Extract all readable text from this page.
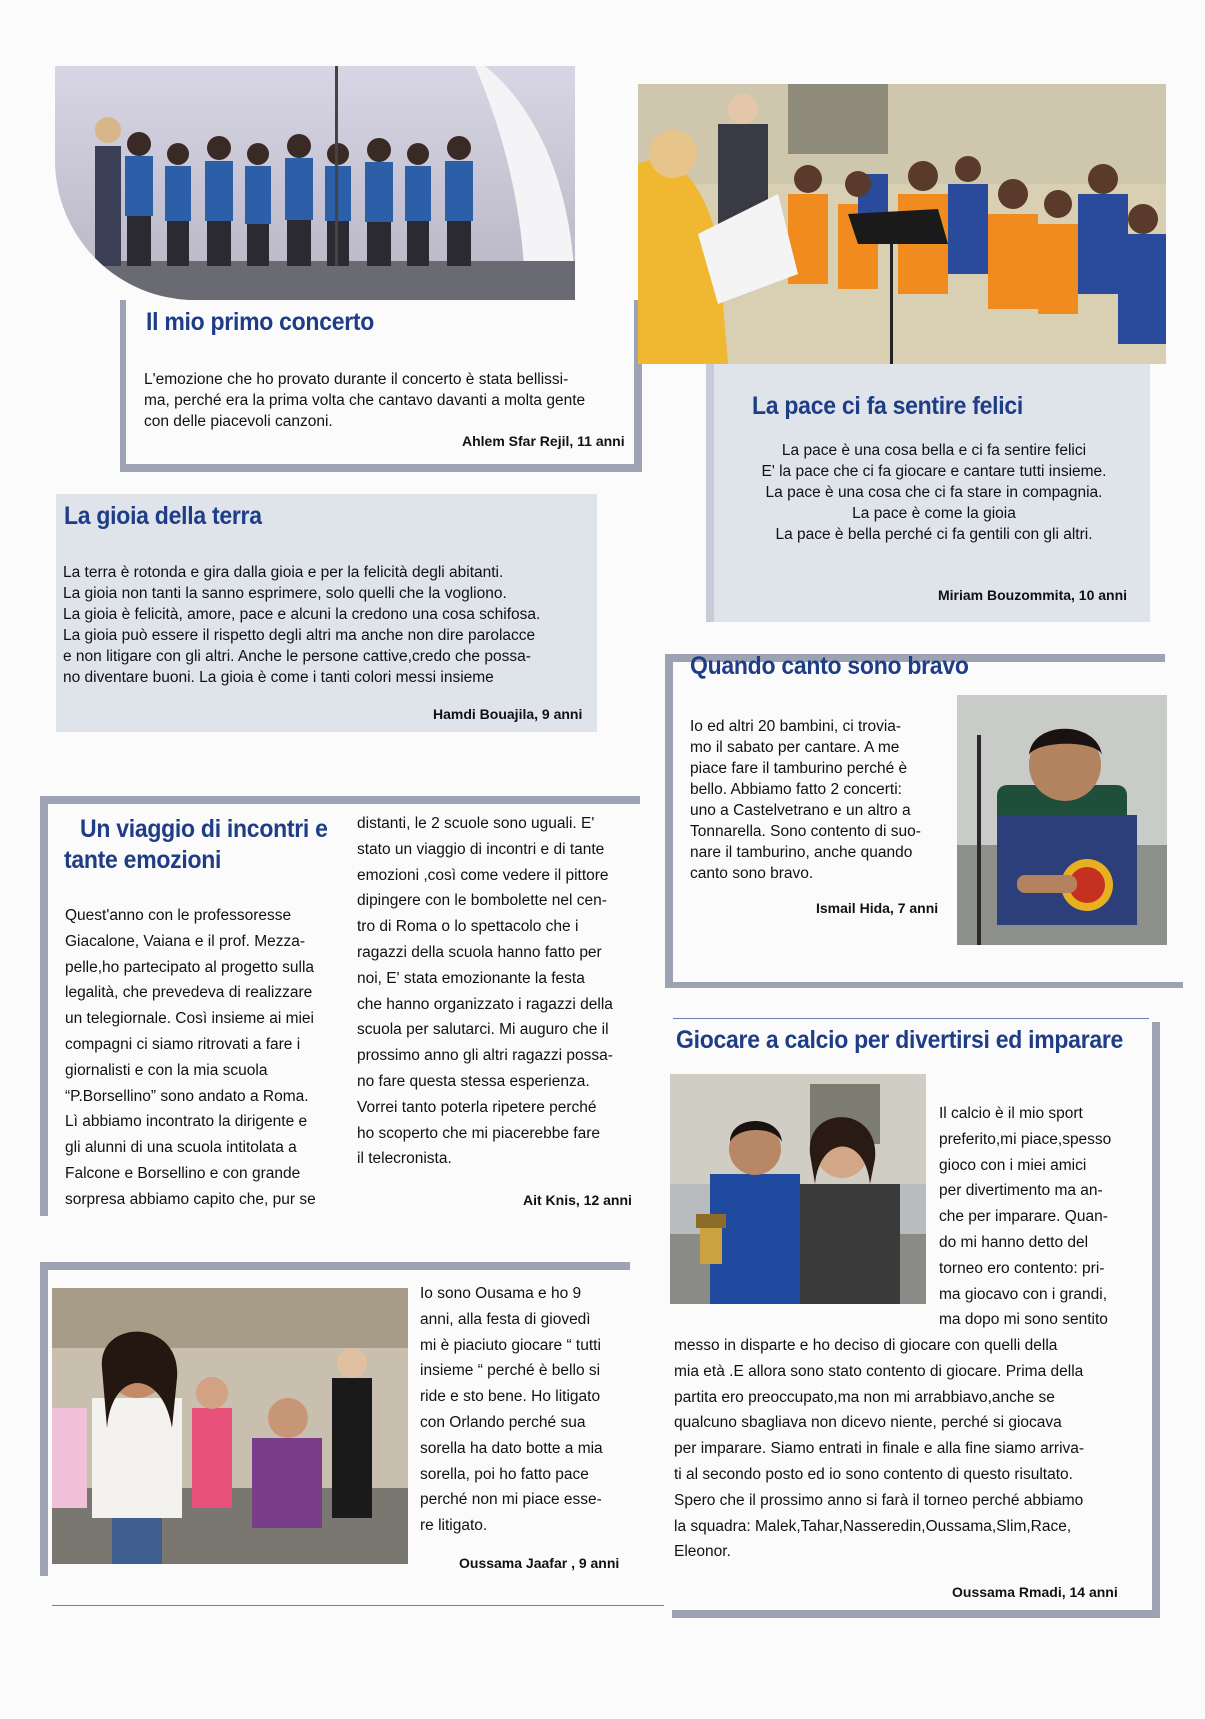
Il mio primo concerto

L'emozione che ho provato durante il concerto è stata bellissi-

ma, perché era la prima volta che cantavo davanti a molta gente

con delle piacevoli canzoni.

Ahlem Sfar Rejil, 11 anni
La pace ci fa sentire felici

La pace è una cosa bella e ci fa sentire felici

E' la pace che ci fa giocare e cantare tutti insieme.

La pace è una cosa che ci fa stare in compagnia.

La pace è come la gioia

La pace è bella perché ci fa gentili con gli altri.

Miriam Bouzommita, 10 anni
La gioia della terra

La terra è rotonda e gira dalla gioia e per la felicità degli abitanti.

La gioia non tanti la sanno esprimere, solo quelli che la vogliono.

La gioia è felicità, amore, pace e alcuni la credono una cosa schifosa.

La gioia può essere il rispetto degli altri ma anche non dire parolacce

e non litigare con gli altri. Anche le persone cattive,credo che possa-

no diventare buoni. La gioia è come i tanti colori messi insieme

Hamdi Bouajila, 9 anni
Quando canto sono bravo

Io ed altri 20 bambini, ci trovia-

mo il sabato per cantare. A me

piace fare il tamburino perché è

bello. Abbiamo fatto 2 concerti:

uno a Castelvetrano e un altro a

Tonnarella. Sono contento di suo-

nare il tamburino, anche quando

canto sono bravo.

Ismail Hida, 7 anni
Un viaggio di incontri e
tante emozioni

Quest'anno con le professoresse

Giacalone, Vaiana e il prof. Mezza-

pelle,ho partecipato al progetto sulla

legalità, che prevedeva di realizzare

un telegiornale. Così insieme ai miei

compagni ci siamo ritrovati a fare i

giornalisti e con la mia scuola

“P.Borsellino” sono andato a Roma.

Lì abbiamo incontrato la dirigente e

gli alunni di una scuola intitolata a

Falcone e Borsellino e con grande

sorpresa abbiamo capito che, pur se

distanti, le 2 scuole sono uguali. E'

stato un viaggio di incontri e di tante

emozioni ,così come vedere il pittore

dipingere con le bombolette nel cen-

tro di Roma o lo spettacolo che i

ragazzi della scuola hanno fatto per

noi, E' stata emozionante la festa

che hanno organizzato i ragazzi della

scuola per salutarci. Mi auguro che il

prossimo anno gli altri ragazzi possa-

no fare questa stessa esperienza.

Vorrei tanto poterla ripetere perché

ho scoperto che mi piacerebbe fare

il telecronista.

Ait Knis, 12 anni
Giocare a calcio per divertirsi ed imparare

Il calcio è il mio sport

preferito,mi piace,spesso

gioco con i miei amici

per divertimento ma an-

che per imparare. Quan-

do mi hanno detto del

torneo ero contento: pri-

ma giocavo con i grandi,

ma dopo mi sono sentito

messo in disparte e ho deciso di giocare con quelli della

mia età .E allora sono stato contento di giocare. Prima della

partita ero preoccupato,ma non mi arrabbiavo,anche se

qualcuno sbagliava non dicevo niente, perché si giocava

per imparare. Siamo entrati in finale e alla fine siamo arriva-

ti al secondo posto ed io sono contento di questo risultato.

Spero che il prossimo anno si farà il torneo perché abbiamo

la squadra: Malek,Tahar,Nasseredin,Oussama,Slim,Race,

Eleonor.

Oussama Rmadi, 14 anni

Io sono Ousama e ho 9

anni, alla festa di giovedì

mi è piaciuto giocare “ tutti

insieme “ perché è bello si

ride e sto bene. Ho litigato

con Orlando perché sua

sorella ha dato botte a mia

sorella, poi ho fatto pace

perché non mi piace esse-

re litigato.

Oussama Jaafar , 9 anni
